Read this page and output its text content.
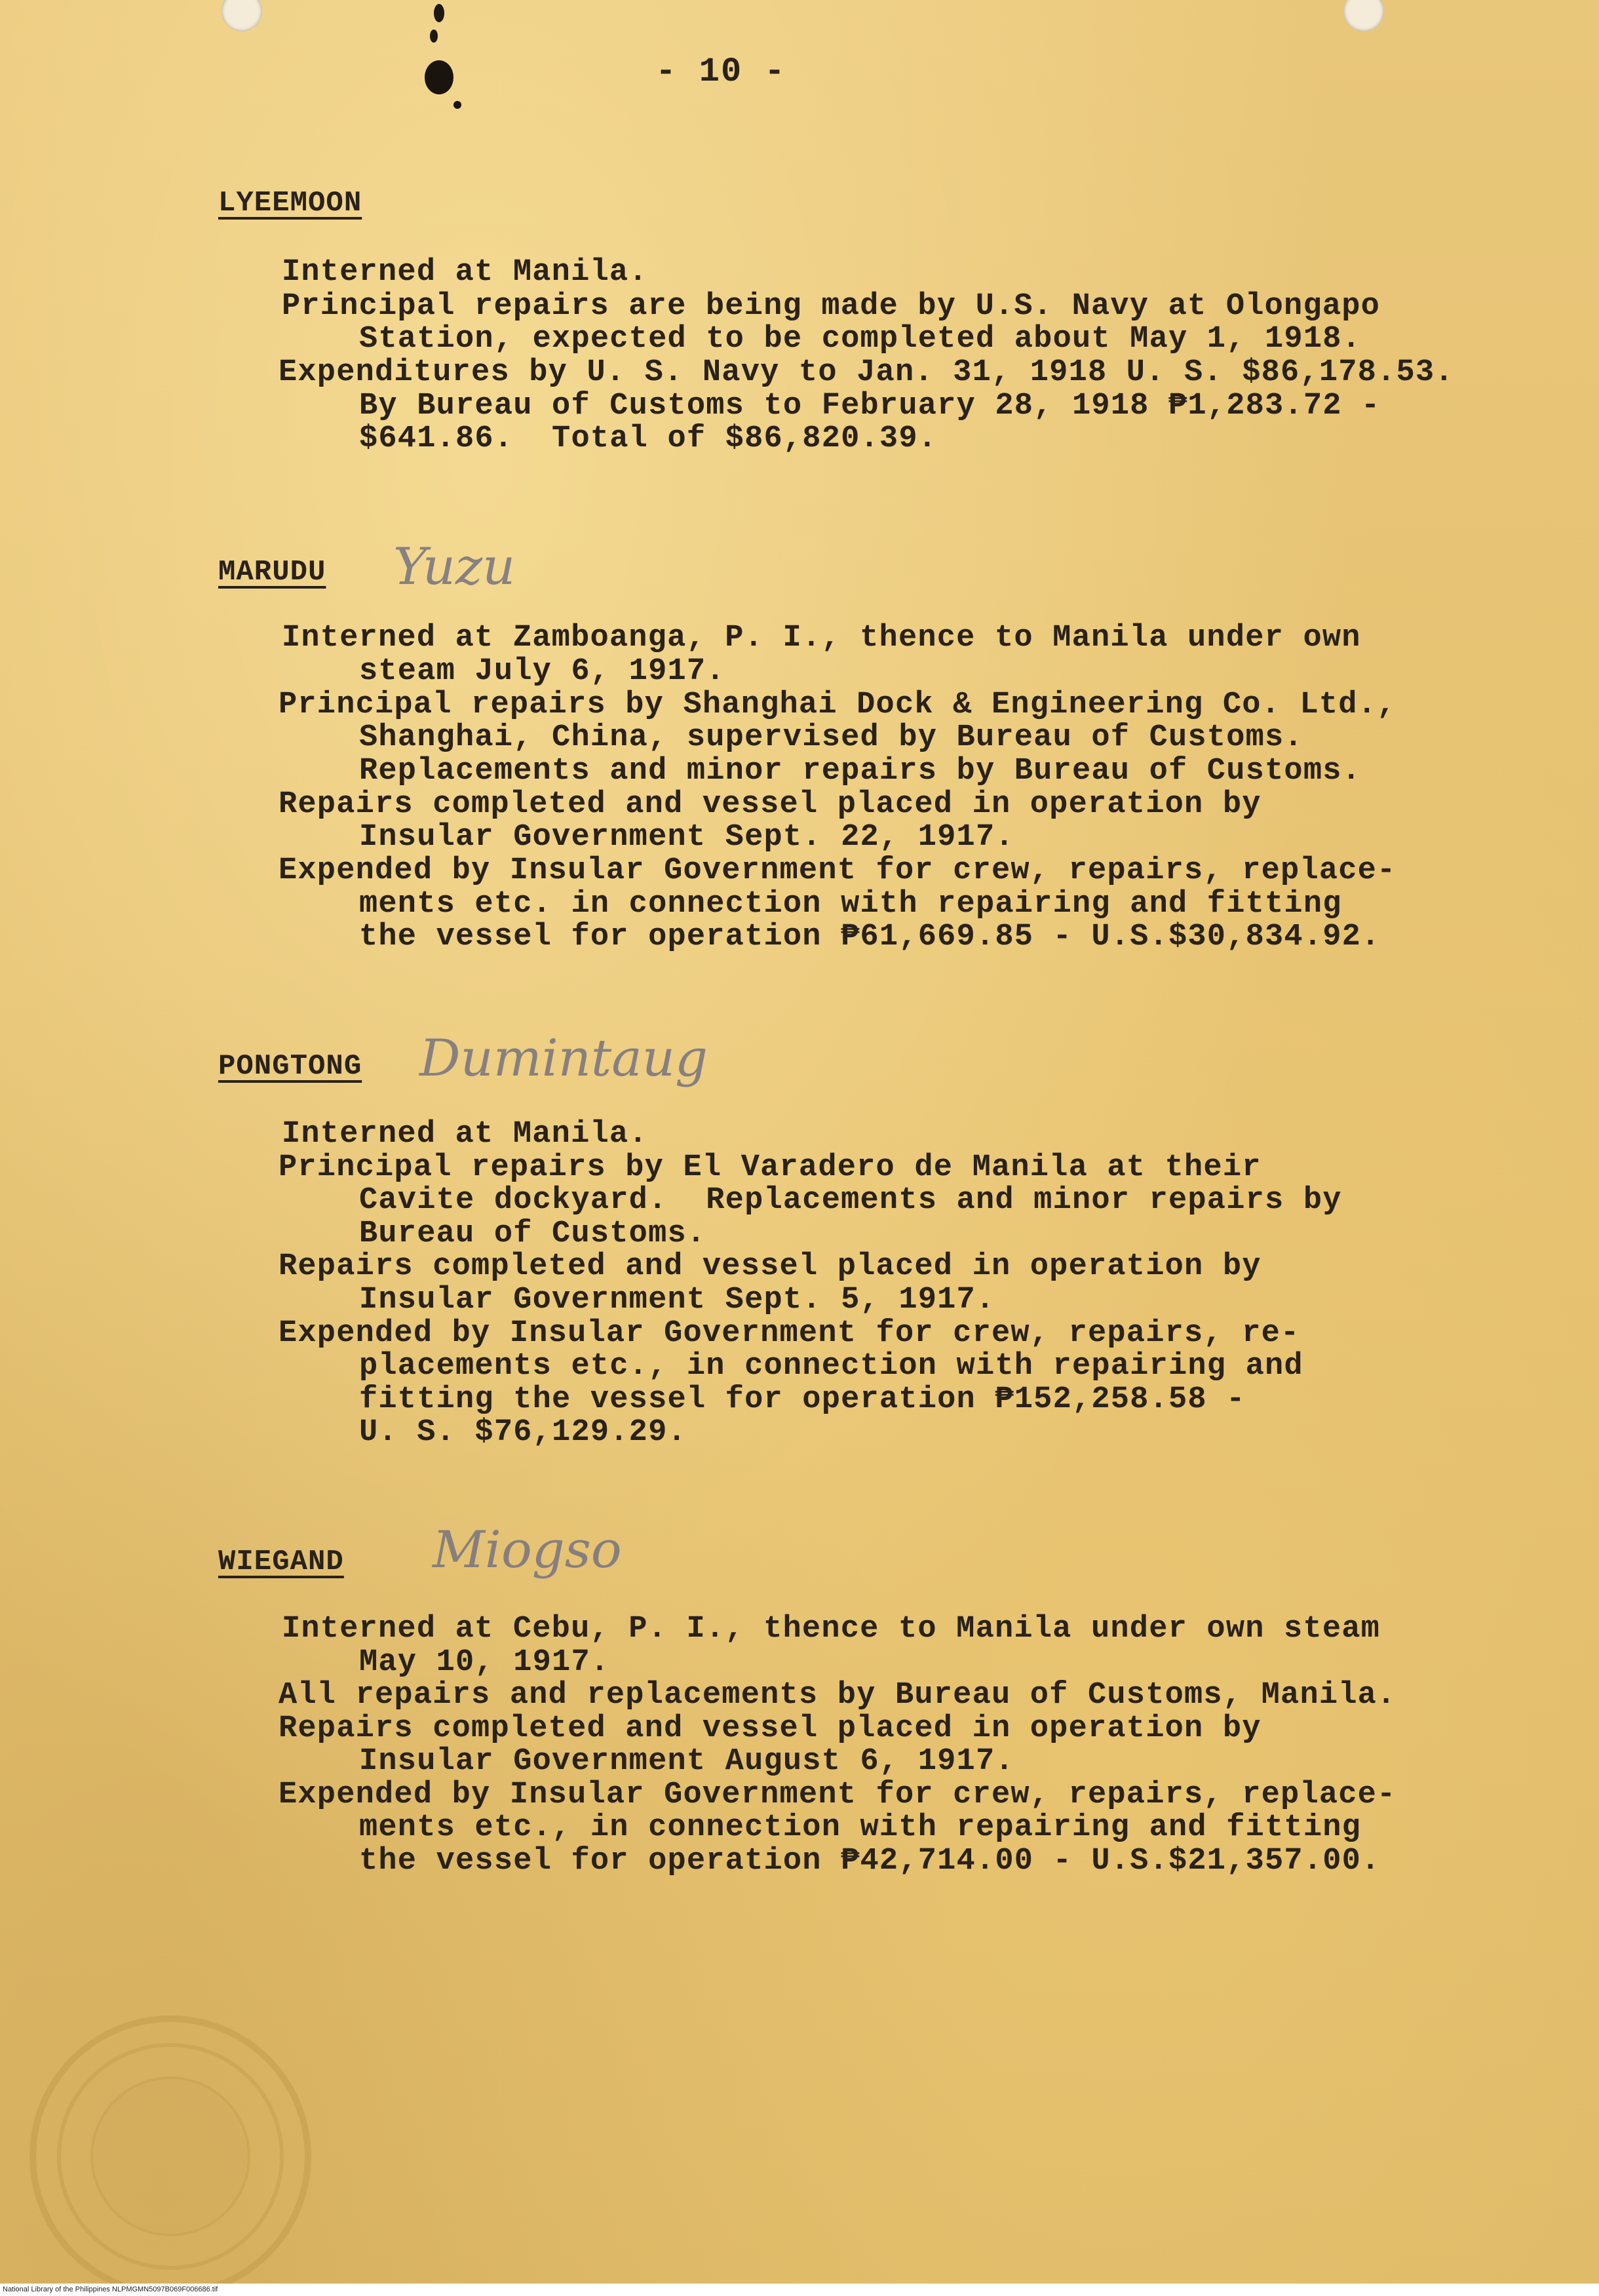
- 10 -
LYEEMOON
Interned at Manila.
Principal repairs are being made by U.S. Navy at Olongapo
Station, expected to be completed about May 1, 1918.
Expenditures by U. S. Navy to Jan. 31, 1918 U. S. $86,178.53.
By Bureau of Customs to February 28, 1918 ₱1,283.72 -
$641.86.  Total of $86,820.39.
MARUDU Yuzu
Interned at Zamboanga, P. I., thence to Manila under own
steam July 6, 1917.
Principal repairs by Shanghai Dock & Engineering Co. Ltd.,
Shanghai, China, supervised by Bureau of Customs.
Replacements and minor repairs by Bureau of Customs.
Repairs completed and vessel placed in operation by
Insular Government Sept. 22, 1917.
Expended by Insular Government for crew, repairs, replace-
ments etc. in connection with repairing and fitting
the vessel for operation ₱61,669.85 - U.S.$30,834.92.
PONGTONG Dumintaug
Interned at Manila.
Principal repairs by El Varadero de Manila at their
Cavite dockyard.  Replacements and minor repairs by
Bureau of Customs.
Repairs completed and vessel placed in operation by
Insular Government Sept. 5, 1917.
Expended by Insular Government for crew, repairs, re-
placements etc., in connection with repairing and
fitting the vessel for operation ₱152,258.58 -
U. S. $76,129.29.
WIEGAND Miogso
Interned at Cebu, P. I., thence to Manila under own steam
May 10, 1917.
All repairs and replacements by Bureau of Customs, Manila.
Repairs completed and vessel placed in operation by
Insular Government August 6, 1917.
Expended by Insular Government for crew, repairs, replace-
ments etc., in connection with repairing and fitting
the vessel for operation ₱42,714.00 - U.S.$21,357.00.
National Library of the Philippines NLPMGMN5097B069F006686.tif
